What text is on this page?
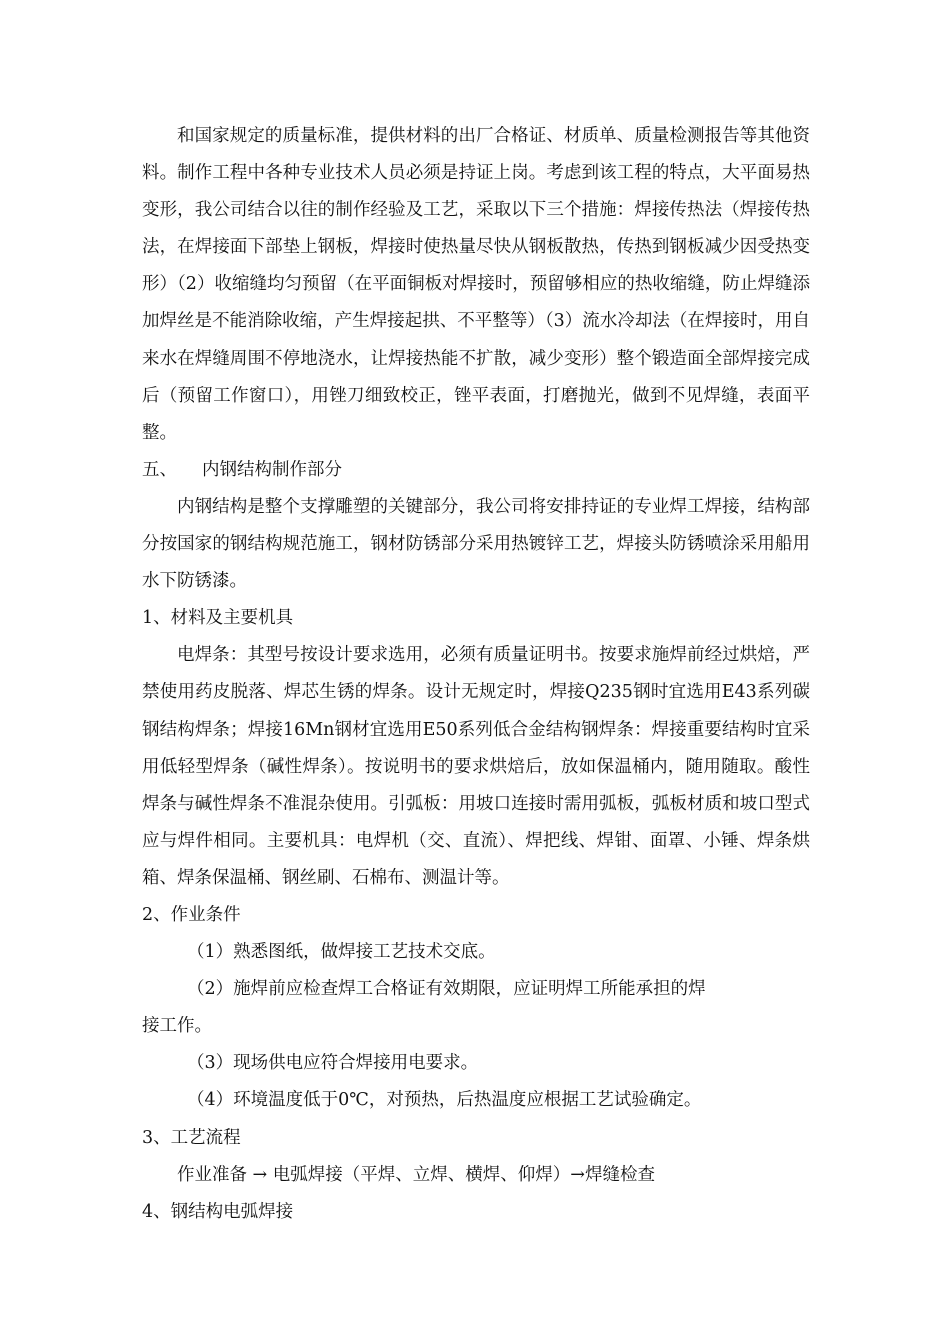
和国家规定的质量标准，提供材料的出厂合格证、材质单、质量检测报告等其他资料。制作工程中各种专业技术人员必须是持证上岗。考虑到该工程的特点，大平面易热变形，我公司结合以往的制作经验及工艺，采取以下三个措施：焊接传热法（焊接传热法，在焊接面下部垫上钢板，焊接时使热量尽快从钢板散热，传热到钢板减少因受热变形）（2）收缩缝均匀预留（在平面铜板对焊接时，预留够相应的热收缩缝，防止焊缝添加焊丝是不能消除收缩，产生焊接起拱、不平整等）（3）流水冷却法（在焊接时，用自来水在焊缝周围不停地浇水，让焊接热能不扩散，减少变形）整个锻造面全部焊接完成后（预留工作窗口），用锉刀细致校正，锉平表面，打磨抛光，做到不见焊缝，表面平整。

五、 内钢结构制作部分

内钢结构是整个支撑雕塑的关键部分，我公司将安排持证的专业焊工焊接，结构部分按国家的钢结构规范施工，钢材防锈部分采用热镀锌工艺，焊接头防锈喷涂采用船用水下防锈漆。

1、材料及主要机具

电焊条：其型号按设计要求选用，必须有质量证明书。按要求施焊前经过烘焙，严禁使用药皮脱落、焊芯生锈的焊条。设计无规定时，焊接Q235钢时宜选用E43系列碳钢结构焊条；焊接16Mn钢材宜选用E50系列低合金结构钢焊条：焊接重要结构时宜采用低轻型焊条（碱性焊条）。按说明书的要求烘焙后，放如保温桶内，随用随取。酸性焊条与碱性焊条不准混杂使用。引弧板：用坡口连接时需用弧板，弧板材质和坡口型式应与焊件相同。主要机具：电焊机（交、直流）、焊把线、焊钳、面罩、小锤、焊条烘箱、焊条保温桶、钢丝刷、石棉布、测温计等。

2、作业条件

（1）熟悉图纸，做焊接工艺技术交底。

（2）施焊前应检查焊工合格证有效期限，应证明焊工所能承担的焊

接工作。

（3）现场供电应符合焊接用电要求。

（4）环境温度低于0℃，对预热，后热温度应根据工艺试验确定。

3、工艺流程

作业准备 → 电弧焊接（平焊、立焊、横焊、仰焊）→焊缝检查

4、钢结构电弧焊接
